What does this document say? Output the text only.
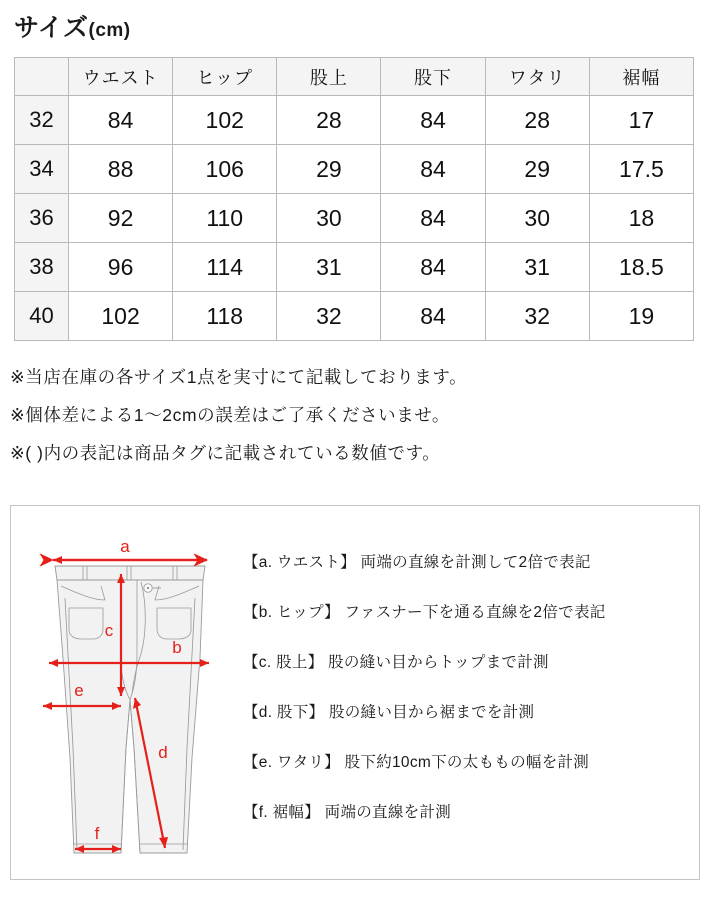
サイズ(cm)
	ウエスト	ヒップ	股上	股下	ワタリ	裾幅
32	84	102	28	84	28	17
34	88	106	29	84	29	17.5
36	92	110	30	84	30	18
38	96	114	31	84	31	18.5
40	102	118	32	84	32	19
※当店在庫の各サイズ1点を実寸にて記載しております。
※個体差による1〜2cmの誤差はご了承くださいませ。
※( )内の表記は商品タグに記載されている数値です。
a
b
c
e
d
f
【a. ウエスト】 両端の直線を計測して2倍で表記
【b. ヒップ】 ファスナー下を通る直線を2倍で表記
【c. 股上】 股の縫い目からトップまで計測
【d. 股下】 股の縫い目から裾までを計測
【e. ワタリ】 股下約10cm下の太ももの幅を計測
【f. 裾幅】 両端の直線を計測
